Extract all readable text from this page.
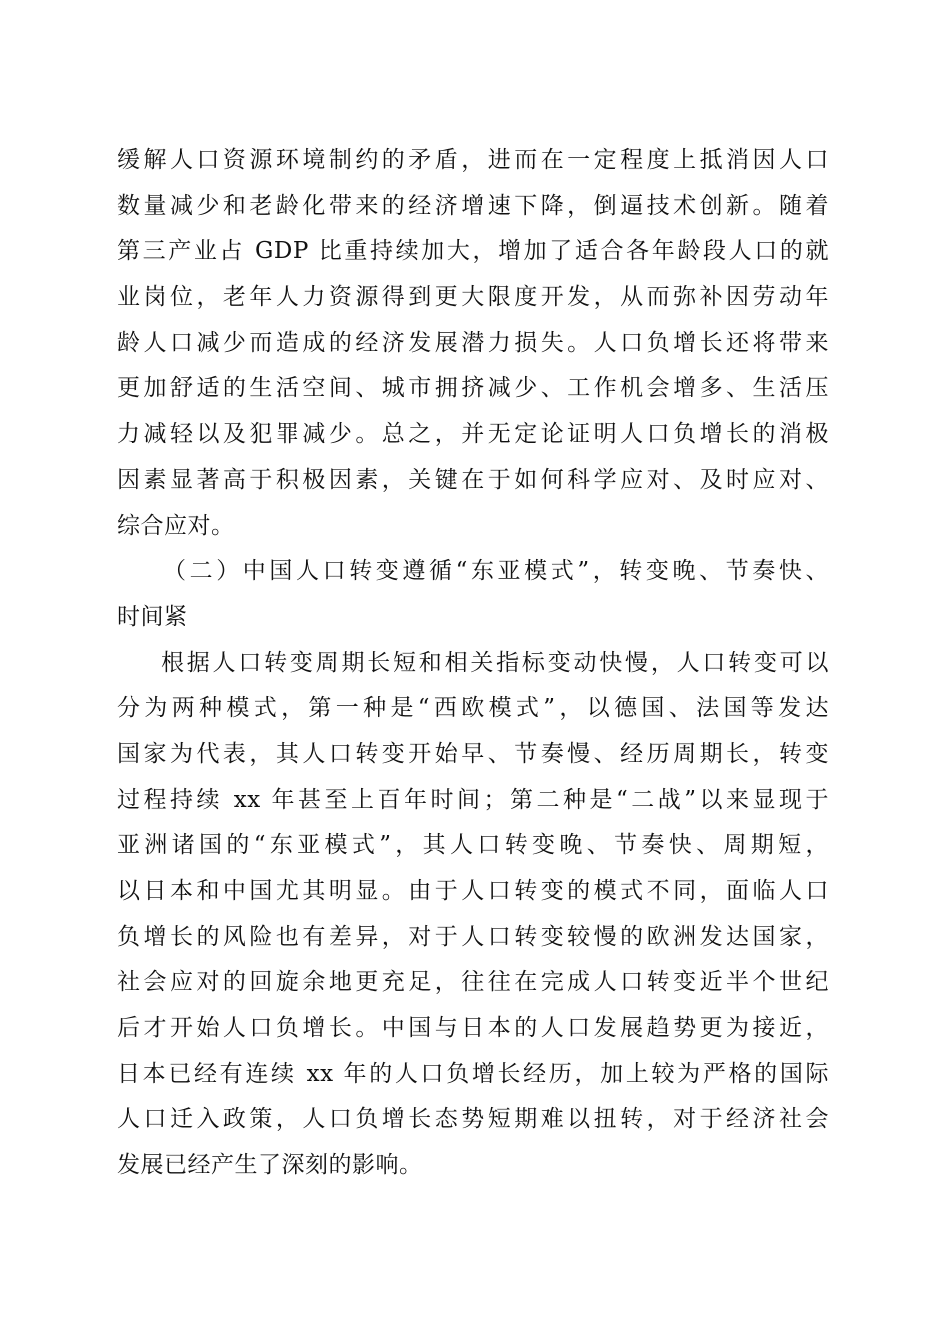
缓解人口资源环境制约的矛盾，进而在一定程度上抵消因人口
数量减少和老龄化带来的经济增速下降，倒逼技术创新。随着
第三产业占 GDP 比重持续加大，增加了适合各年龄段人口的就
业岗位，老年人力资源得到更大限度开发，从而弥补因劳动年
龄人口减少而造成的经济发展潜力损失。人口负增长还将带来
更加舒适的生活空间、城市拥挤减少、工作机会增多、生活压
力减轻以及犯罪减少。总之，并无定论证明人口负增长的消极
因素显著高于积极因素，关键在于如何科学应对、及时应对、
综合应对。
（二）中国人口转变遵循“东亚模式”，转变晚、节奏快、
时间紧
根据人口转变周期长短和相关指标变动快慢，人口转变可以
分为两种模式，第一种是“西欧模式”，以德国、法国等发达
国家为代表，其人口转变开始早、节奏慢、经历周期长，转变
过程持续 xx 年甚至上百年时间；第二种是“二战”以来显现于
亚洲诸国的“东亚模式”，其人口转变晚、节奏快、周期短，
以日本和中国尤其明显。由于人口转变的模式不同，面临人口
负增长的风险也有差异，对于人口转变较慢的欧洲发达国家，
社会应对的回旋余地更充足，往往在完成人口转变近半个世纪
后才开始人口负增长。中国与日本的人口发展趋势更为接近，
日本已经有连续 xx 年的人口负增长经历，加上较为严格的国际
人口迁入政策，人口负增长态势短期难以扭转，对于经济社会
发展已经产生了深刻的影响。
